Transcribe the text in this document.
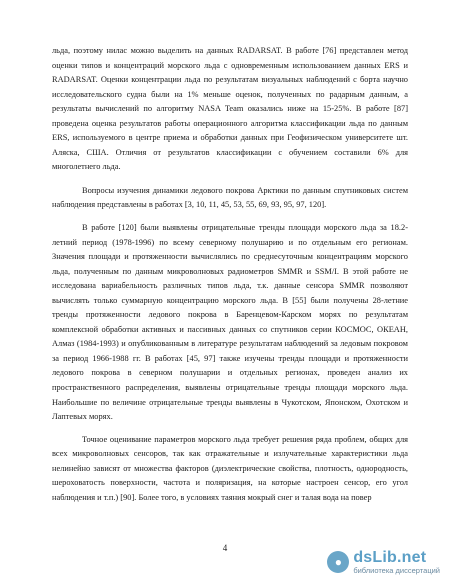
льда, поэтому нилас можно выделить на данных RADARSAT. В работе [76] представлен метод оценки типов и концентраций морского льда с одновременным использованием данных ERS и RADARSAT. Оценки концентрации льда по результатам визуальных наблюдений с борта научно исследовательского судна были на 1% меньше оценок, полученных по радарным данным, а результаты вычислений по алгоритму NASA Team оказались ниже на 15-25%. В работе [87] проведена оценка результатов работы операционного алгоритма классификации льда по данным ERS, используемого в центре приема и обработки данных при Геофизическом университете шт. Аляска, США. Отличия от результатов классификации с обучением составили 6% для многолетнего льда.

Вопросы изучения динамики ледового покрова Арктики по данным спутниковых систем наблюдения представлены в работах [3, 10, 11, 45, 53, 55, 69, 93, 95, 97, 120].

В работе [120] были выявлены отрицательные тренды площади морского льда за 18.2-летний период (1978-1996) по всему северному полушарию и по отдельным его регионам. Значения площади и протяженности вычислялись по среднесуточным концентрациям морского льда, полученным по данным микроволновых радиометров SMMR и SSM/I. В этой работе не исследована вариабельность различных типов льда, т.к. данные сенсора SMMR позволяют вычислять только суммарную концентрацию морского льда. В [55] были получены 28-летние тренды протяженности ледового покрова в Баренцевом-Карском морях по результатам комплексной обработки активных и пассивных данных со спутников серии КОСМОС, ОКЕАН, Алмаз (1984-1993) и опубликованным в литературе результатам наблюдений за ледовым покровом за период 1966-1988 гг. В работах [45, 97] также изучены тренды площади и протяженности ледового покрова в северном полушарии и отдельных регионах, проведен анализ их пространственного распределения, выявлены отрицательные тренды площади морского льда. Наибольшие по величине отрицательные тренды выявлены в Чукотском, Японском, Охотском и Лаптевых морях.

Точное оценивание параметров морского льда требует решения ряда проблем, общих для всех микроволновых сенсоров, так как отражательные и излучательные характеристики льда нелинейно зависят от множества факторов (диэлектрические свойства, плотность, однородность, шероховатость поверхности, частота и поляризация, на которые настроен сенсор, его угол наблюдения и т.п.) [90]. Более того, в условиях таяния мокрый снег и талая вода на повер

4
● dsLib.net
библиотека диссертаций
